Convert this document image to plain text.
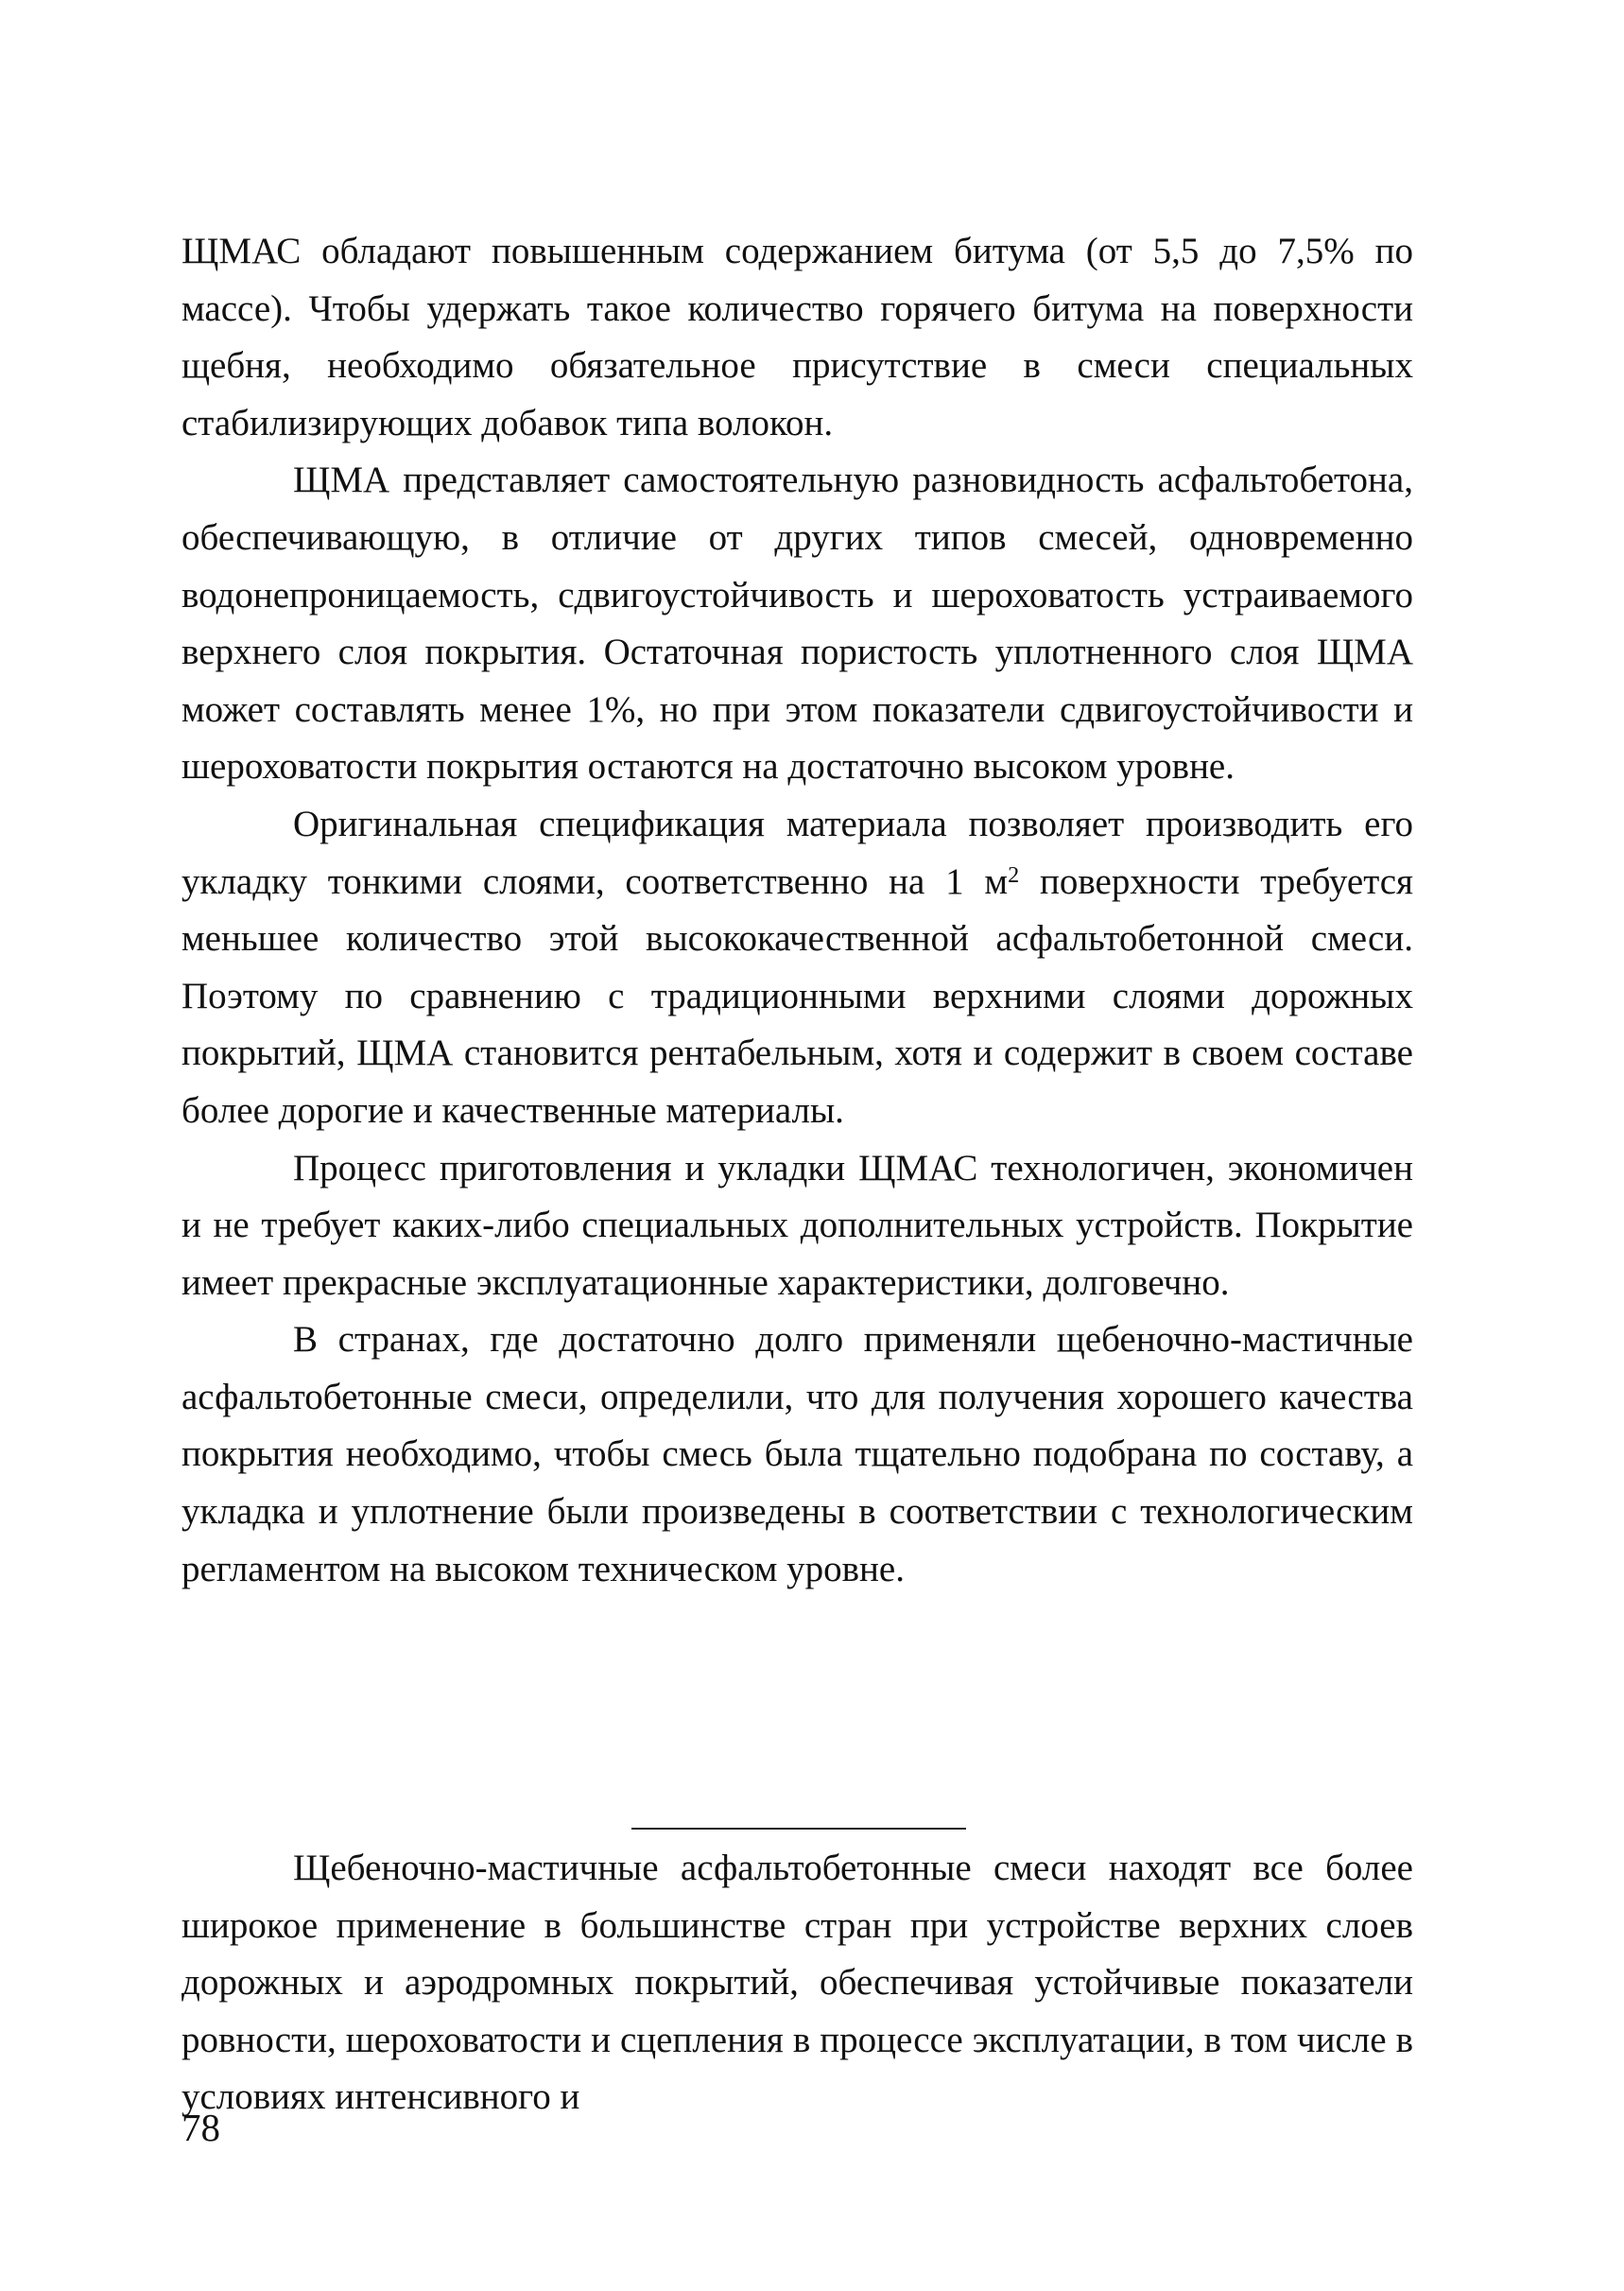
ЩМАС обладают повышенным содержанием битума (от 5,5 до 7,5% по массе). Чтобы удержать такое количество горячего битума на поверхности щебня, необходимо обязательное присутствие в смеси специальных стабилизирующих добавок типа волокон.

ЩМА представляет самостоятельную разновидность асфальтобетона, обеспечивающую, в отличие от других типов смесей, одновременно водонепроницаемость, сдвигоустойчивость и шероховатость устраиваемого верхнего слоя покрытия. Остаточная пористость уплотненного слоя ЩМА может составлять менее 1%, но при этом показатели сдвигоустойчивости и шероховатости покрытия остаются на достаточно высоком уровне.

Оригинальная спецификация материала позволяет производить его укладку тонкими слоями, соответственно на 1 $м^2$ поверхности требуется меньшее количество этой высококачественной асфальтобетонной смеси. Поэтому по сравнению с традиционными верхними слоями дорожных покрытий, ЩМА становится рентабельным, хотя и содержит в своем составе более дорогие и качественные материалы.

Процесс приготовления и укладки ЩМАС технологичен, экономичен и не требует каких-либо специальных дополнительных устройств. Покрытие имеет прекрасные эксплуатационные характеристики, долговечно.

В странах, где достаточно долго применяли щебеночно-мастичные асфальтобетонные смеси, определили, что для получения хорошего качества покрытия необходимо, чтобы смесь была тщательно подобрана по составу, а укладка и уплотнение были произведены в соответствии с технологическим регламентом на высоком техническом уровне.

Щебеночно-мастичные асфальтобетонные смеси находят все более широкое применение в большинстве стран при устройстве верхних слоев дорожных и аэродромных покрытий, обеспечивая устойчивые показатели ровности, шероховатости и сцепления в процессе эксплуатации, в том числе в условиях интенсивного и

78
